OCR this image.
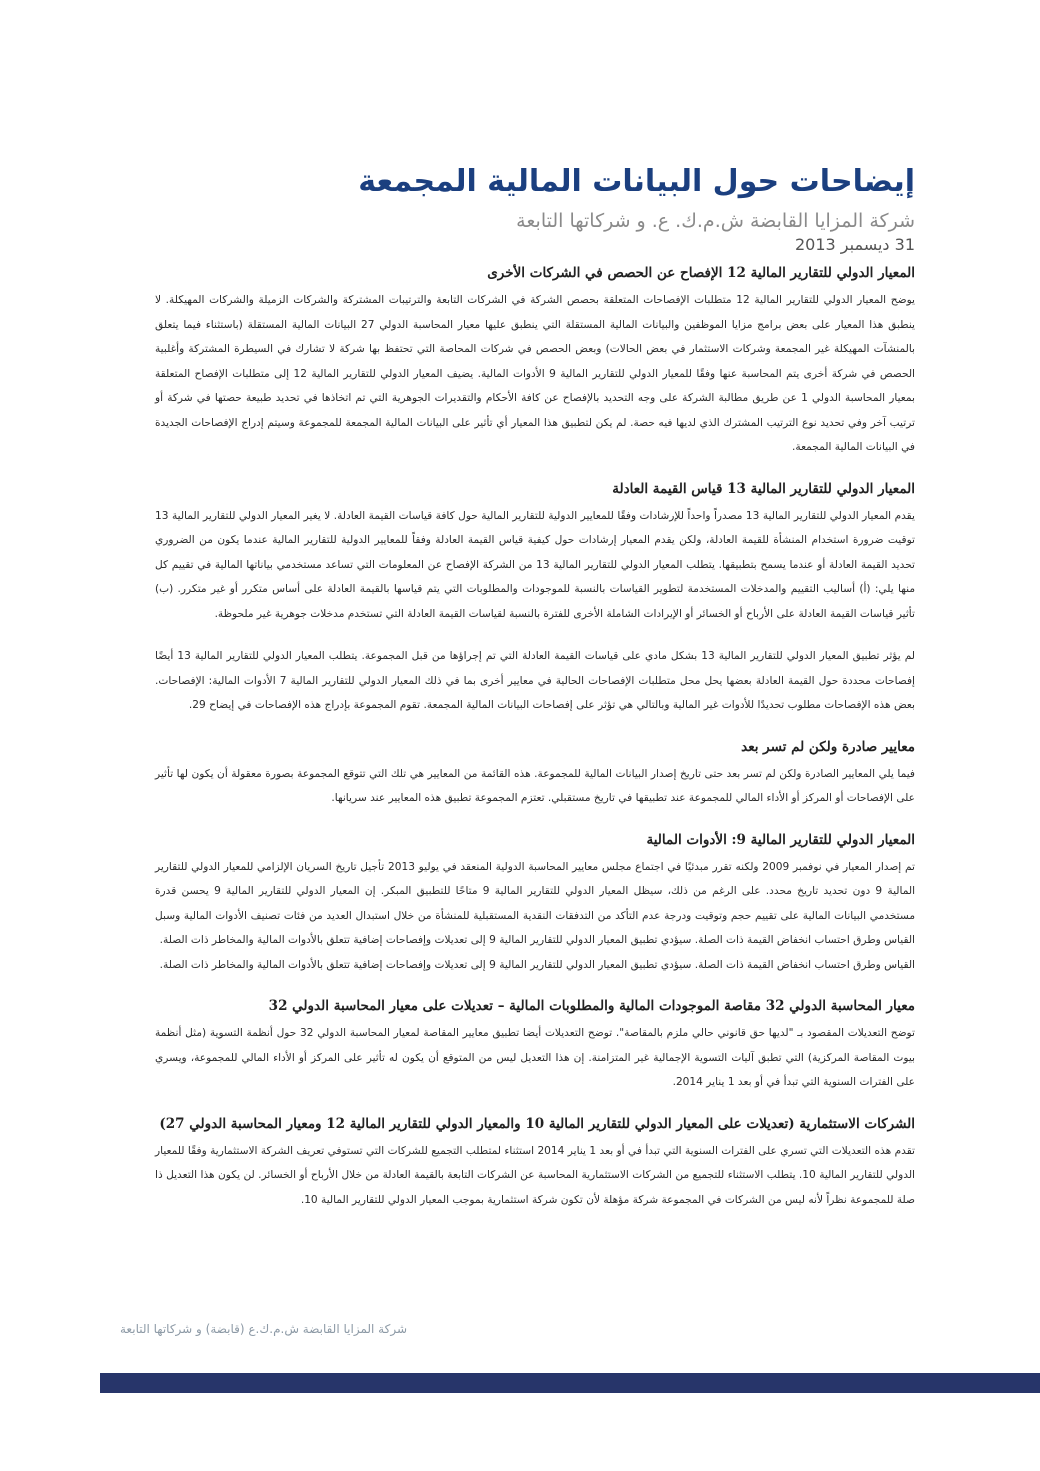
إيضاحات حول البيانات المالية المجمعة

شركة المزايا القابضة ش.م.ك. ع. و شركاتها التابعة

31 ديسمبر 2013

المعيار الدولي للتقارير المالية 12 الإفصاح عن الحصص في الشركات الأخرى

يوضح المعيار الدولي للتقارير المالية 12 متطلبات الإفصاحات المتعلقة بحصص الشركة في الشركات التابعة والترتيبات المشتركة والشركات الزميلة والشركات المهيكلة. لا ينطبق هذا المعيار على بعض برامج مزايا الموظفين والبيانات المالية المستقلة التي ينطبق عليها معيار المحاسبة الدولي 27 البيانات المالية المستقلة (باستثناء فيما يتعلق بالمنشآت المهيكلة غير المجمعة وشركات الاستثمار في بعض الحالات) وبعض الحصص في شركات المحاصة التي تحتفظ بها شركة لا تشارك في السيطرة المشتركة وأغلبية الحصص في شركة أخرى يتم المحاسبة عنها وفقًا للمعيار الدولي للتقارير المالية 9 الأدوات المالية. يضيف المعيار الدولي للتقارير المالية 12 إلى متطلبات الإفصاح المتعلقة بمعيار المحاسبة الدولي 1 عن طريق مطالبة الشركة على وجه التحديد بالإفصاح عن كافة الأحكام والتقديرات الجوهرية التي تم اتخاذها في تحديد طبيعة حصتها في شركة أو ترتيب آخر وفي تحديد نوع الترتيب المشترك الذي لديها فيه حصة. لم يكن لتطبيق هذا المعيار أي تأثير على البيانات المالية المجمعة للمجموعة وسيتم إدراج الإفصاحات الجديدة في البيانات المالية المجمعة.

المعيار الدولي للتقارير المالية 13 قياس القيمة العادلة

يقدم المعيار الدولي للتقارير المالية 13 مصدراً واحداً للإرشادات وفقًا للمعايير الدولية للتقارير المالية حول كافة قياسات القيمة العادلة. لا يغير المعيار الدولي للتقارير المالية 13 توقيت ضرورة استخدام المنشأة للقيمة العادلة، ولكن يقدم المعيار إرشادات حول كيفية قياس القيمة العادلة وفقاً للمعايير الدولية للتقارير المالية عندما يكون من الضروري تحديد القيمة العادلة أو عندما يسمح بتطبيقها. يتطلب المعيار الدولي للتقارير المالية 13 من الشركة الإفصاح عن المعلومات التي تساعد مستخدمي بياناتها المالية في تقييم كل منها يلي: (أ) أساليب التقييم والمدخلات المستخدمة لتطوير القياسات بالنسبة للموجودات والمطلوبات التي يتم قياسها بالقيمة العادلة على أساس متكرر أو غير متكرر. (ب) تأثير قياسات القيمة العادلة على الأرباح أو الخسائر أو الإيرادات الشاملة الأخرى للفترة بالنسبة لقياسات القيمة العادلة التي تستخدم مدخلات جوهرية غير ملحوظة.

لم يؤثر تطبيق المعيار الدولي للتقارير المالية 13 بشكل مادي على قياسات القيمة العادلة التي تم إجراؤها من قبل المجموعة. يتطلب المعيار الدولي للتقارير المالية 13 أيضًا إفصاحات محددة حول القيمة العادلة بعضها يحل محل متطلبات الإفصاحات الحالية في معايير أخرى بما في ذلك المعيار الدولي للتقارير المالية 7 الأدوات المالية: الإفصاحات. بعض هذه الإفصاحات مطلوب تحديدًا للأدوات غير المالية وبالتالي هي تؤثر على إفصاحات البيانات المالية المجمعة. تقوم المجموعة بإدراج هذه الإفصاحات في إيضاح 29.

معايير صادرة ولكن لم تسر بعد

فيما يلي المعايير الصادرة ولكن لم تسر بعد حتى تاريخ إصدار البيانات المالية للمجموعة. هذه القائمة من المعايير هي تلك التي تتوقع المجموعة بصورة معقولة أن يكون لها تأثير على الإفصاحات أو المركز أو الأداء المالي للمجموعة عند تطبيقها في تاريخ مستقبلي. تعتزم المجموعة تطبيق هذه المعايير عند سريانها.

المعيار الدولي للتقارير المالية 9: الأدوات المالية

تم إصدار المعيار في نوفمبر 2009 ولكنه تقرر مبدئيًا في اجتماع مجلس معايير المحاسبة الدولية المنعقد في يوليو 2013 تأجيل تاريخ السريان الإلزامي للمعيار الدولي للتقارير المالية 9 دون تحديد تاريخ محدد. على الرغم من ذلك، سيظل المعيار الدولي للتقارير المالية 9 متاحًا للتطبيق المبكر. إن المعيار الدولي للتقارير المالية 9 يحسن قدرة مستخدمي البيانات المالية على تقييم حجم وتوقيت ودرجة عدم التأكد من التدفقات النقدية المستقبلية للمنشأة من خلال استبدال العديد من فئات تصنيف الأدوات المالية وسبل القياس وطرق احتساب انخفاض القيمة ذات الصلة. سيؤدي تطبيق المعيار الدولي للتقارير المالية 9 إلى تعديلات وإفصاحات إضافية تتعلق بالأدوات المالية والمخاطر ذات الصلة.

القياس وطرق احتساب انخفاض القيمة ذات الصلة. سيؤدي تطبيق المعيار الدولي للتقارير المالية 9 إلى تعديلات وإفصاحات إضافية تتعلق بالأدوات المالية والمخاطر ذات الصلة.

معيار المحاسبة الدولي 32 مقاصة الموجودات المالية والمطلوبات المالية – تعديلات على معيار المحاسبة الدولي 32

توضح التعديلات المقصود بـ "لديها حق قانوني حالي ملزم بالمقاصة". توضح التعديلات أيضا تطبيق معايير المقاصة لمعيار المحاسبة الدولي 32 حول أنظمة التسوية (مثل أنظمة بيوت المقاصة المركزية) التي تطبق آليات التسوية الإجمالية غير المتزامنة. إن هذا التعديل ليس من المتوقع أن يكون له تأثير على المركز أو الأداء المالي للمجموعة، ويسري على الفترات السنوية التي تبدأ في أو بعد 1 يناير 2014.

الشركات الاستثمارية (تعديلات على المعيار الدولي للتقارير المالية 10 والمعيار الدولي للتقارير المالية 12 ومعيار المحاسبة الدولي 27)

تقدم هذه التعديلات التي تسري على الفترات السنوية التي تبدأ في أو بعد 1 يناير 2014 استثناء لمتطلب التجميع للشركات التي تستوفي تعريف الشركة الاستثمارية وفقًا للمعيار الدولي للتقارير المالية 10. يتطلب الاستثناء للتجميع من الشركات الاستثمارية المحاسبة عن الشركات التابعة بالقيمة العادلة من خلال الأرباح أو الخسائر. لن يكون هذا التعديل ذا صلة للمجموعة نظراً لأنه ليس من الشركات في المجموعة شركة مؤهلة لأن تكون شركة استثمارية بموجب المعيار الدولي للتقارير المالية 10.

شركة المزايا القابضة ش.م.ك.ع (قابضة) و شركاتها التابعة
